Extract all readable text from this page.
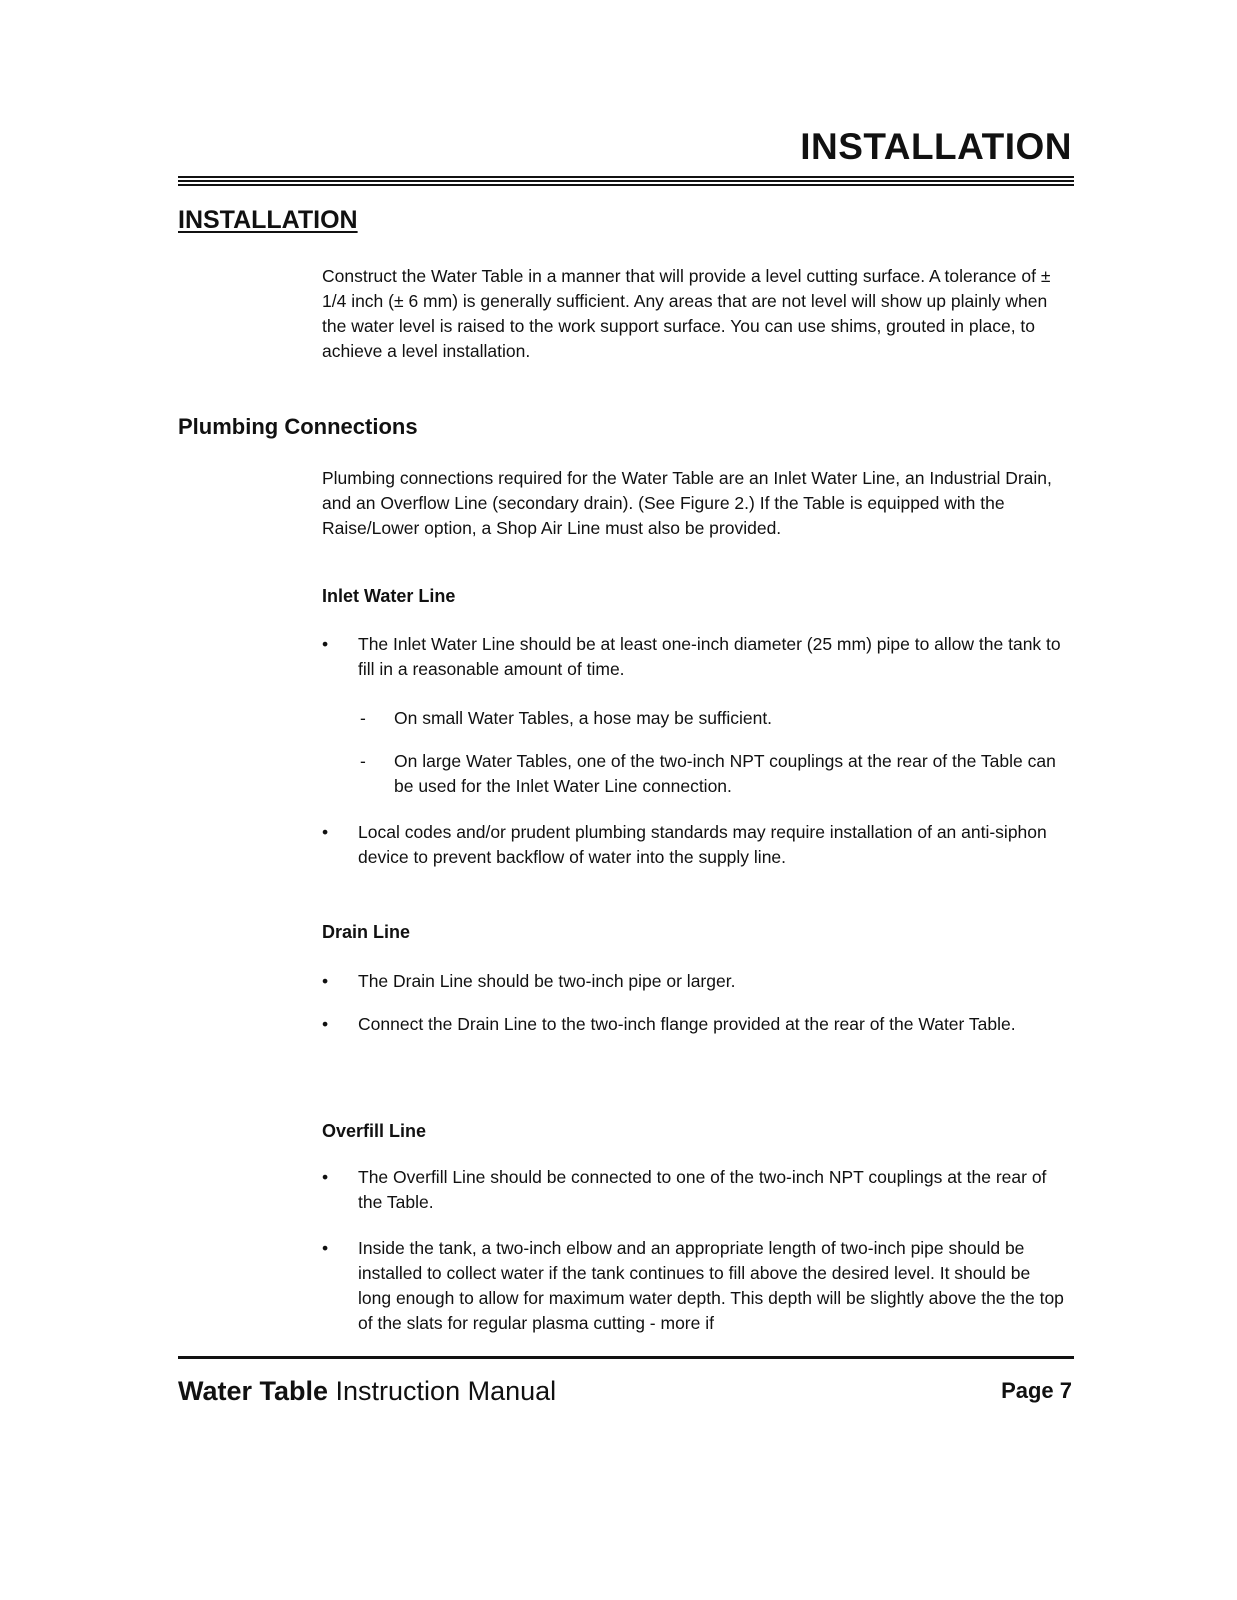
INSTALLATION
INSTALLATION

Construct the Water Table in a manner that will provide a level cutting surface. A tolerance of ± 1/4 inch (± 6 mm) is generally sufficient. Any areas that are not level will show up plainly when the water level is raised to the work support surface. You can use shims, grouted in place, to achieve a level installation.

Plumbing Connections

Plumbing connections required for the Water Table are an Inlet Water Line, an Industrial Drain, and an Overflow Line (secondary drain). (See Figure 2.) If the Table is equipped with the Raise/Lower option, a Shop Air Line must also be provided.

Inlet Water Line
•	The Inlet Water Line should be at least one-inch diameter (25 mm) pipe to allow the tank to fill in a reasonable amount of time.
- On small Water Tables, a hose may be sufficient.
- On large Water Tables, one of the two-inch NPT couplings at the rear of the Table can be used for the Inlet Water Line connection.
•	Local codes and/or prudent plumbing standards may require installation of an anti-siphon device to prevent backflow of water into the supply line.
Drain Line
•	The Drain Line should be two-inch pipe or larger.
•	Connect the Drain Line to the two-inch flange provided at the rear of the Water Table.
Overfill Line
•	The Overfill Line should be connected to one of the two-inch NPT couplings at the rear of the Table.
•	Inside the tank, a two-inch elbow and an appropriate length of two-inch pipe should be installed to collect water if the tank continues to fill above the desired level. It should be long enough to allow for maximum water depth. This depth will be slightly above the the top of the slats for regular plasma cutting - more if

Water Table Instruction Manual	Page 7
